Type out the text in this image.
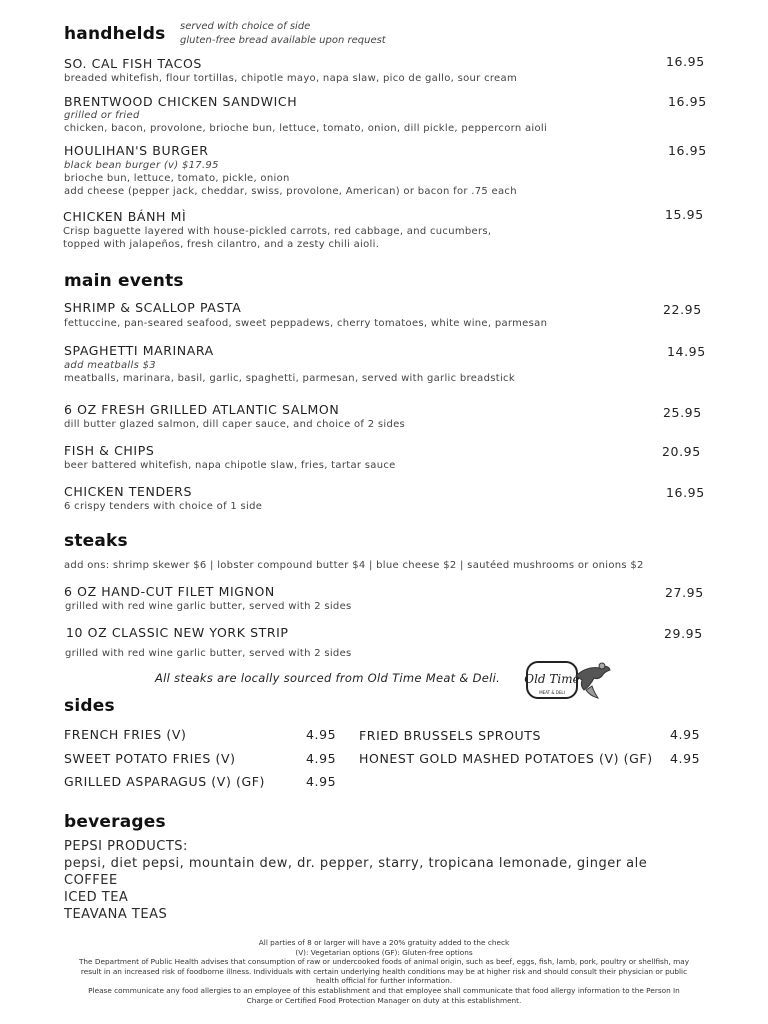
handhelds served with choice of side
gluten-free bread available upon request
SO. CAL FISH TACOS	16.95
breaded whitefish, flour tortillas, chipotle mayo, napa slaw, pico de gallo, sour cream
BRENTWOOD CHICKEN SANDWICH	16.95
grilled or fried
chicken, bacon, provolone, brioche bun, lettuce, tomato, onion, dill pickle, peppercorn aioli
HOULIHAN'S BURGER	16.95
black bean burger (v) $17.95
brioche bun, lettuce, tomato, pickle, onion
add cheese (pepper jack, cheddar, swiss, provolone, American) or bacon for .75 each
CHICKEN BÁNH MÌ	15.95
Crisp baguette layered with house-pickled carrots, red cabbage, and cucumbers,
topped with jalapeños, fresh cilantro, and a zesty chili aioli.
main events
SHRIMP & SCALLOP PASTA	22.95
fettuccine, pan-seared seafood, sweet peppadews, cherry tomatoes, white wine, parmesan
SPAGHETTI MARINARA	14.95
add meatballs $3
meatballs, marinara, basil, garlic, spaghetti, parmesan, served with garlic breadstick
6 OZ FRESH GRILLED ATLANTIC SALMON	25.95
dill butter glazed salmon, dill caper sauce, and choice of 2 sides
FISH & CHIPS	20.95
beer battered whitefish, napa chipotle slaw, fries, tartar sauce
CHICKEN TENDERS	16.95
6 crispy tenders with choice of 1 side
steaks
add ons: shrimp skewer $6 | lobster compound butter $4 | blue cheese $2 | sautéed mushrooms or onions $2
6 OZ HAND-CUT FILET MIGNON	27.95
grilled with red wine garlic butter, served with 2 sides
10 OZ CLASSIC NEW YORK STRIP	29.95
grilled with red wine garlic butter, served with 2 sides
All steaks are locally sourced from Old Time Meat & Deli. Old Time
MEAT & DELI
sides
FRENCH FRIES (V)	4.95
SWEET POTATO FRIES (V)	4.95
GRILLED ASPARAGUS (V) (GF)	4.95
FRIED BRUSSELS SPROUTS	4.95
HONEST GOLD MASHED POTATOES (V) (GF) 4.95
beverages
PEPSI PRODUCTS:
pepsi, diet pepsi, mountain dew, dr. pepper, starry, tropicana lemonade, ginger ale
COFFEE
ICED TEA
TEAVANA TEAS
All parties of 8 or larger will have a 20% gratuity added to the check
(V): Vegetarian options (GF): Gluten-free options
The Department of Public Health advises that consumption of raw or undercooked foods of animal origin, such as beef, eggs, fish, lamb, pork, poultry or shellfish, may
result in an increased risk of foodborne illness. Individuals with certain underlying health conditions may be at higher risk and should consult their physician or public
health official for further information.
Please communicate any food allergies to an employee of this establishment and that employee shall communicate that food allergy information to the Person In
Charge or Certified Food Protection Manager on duty at this establishment.
